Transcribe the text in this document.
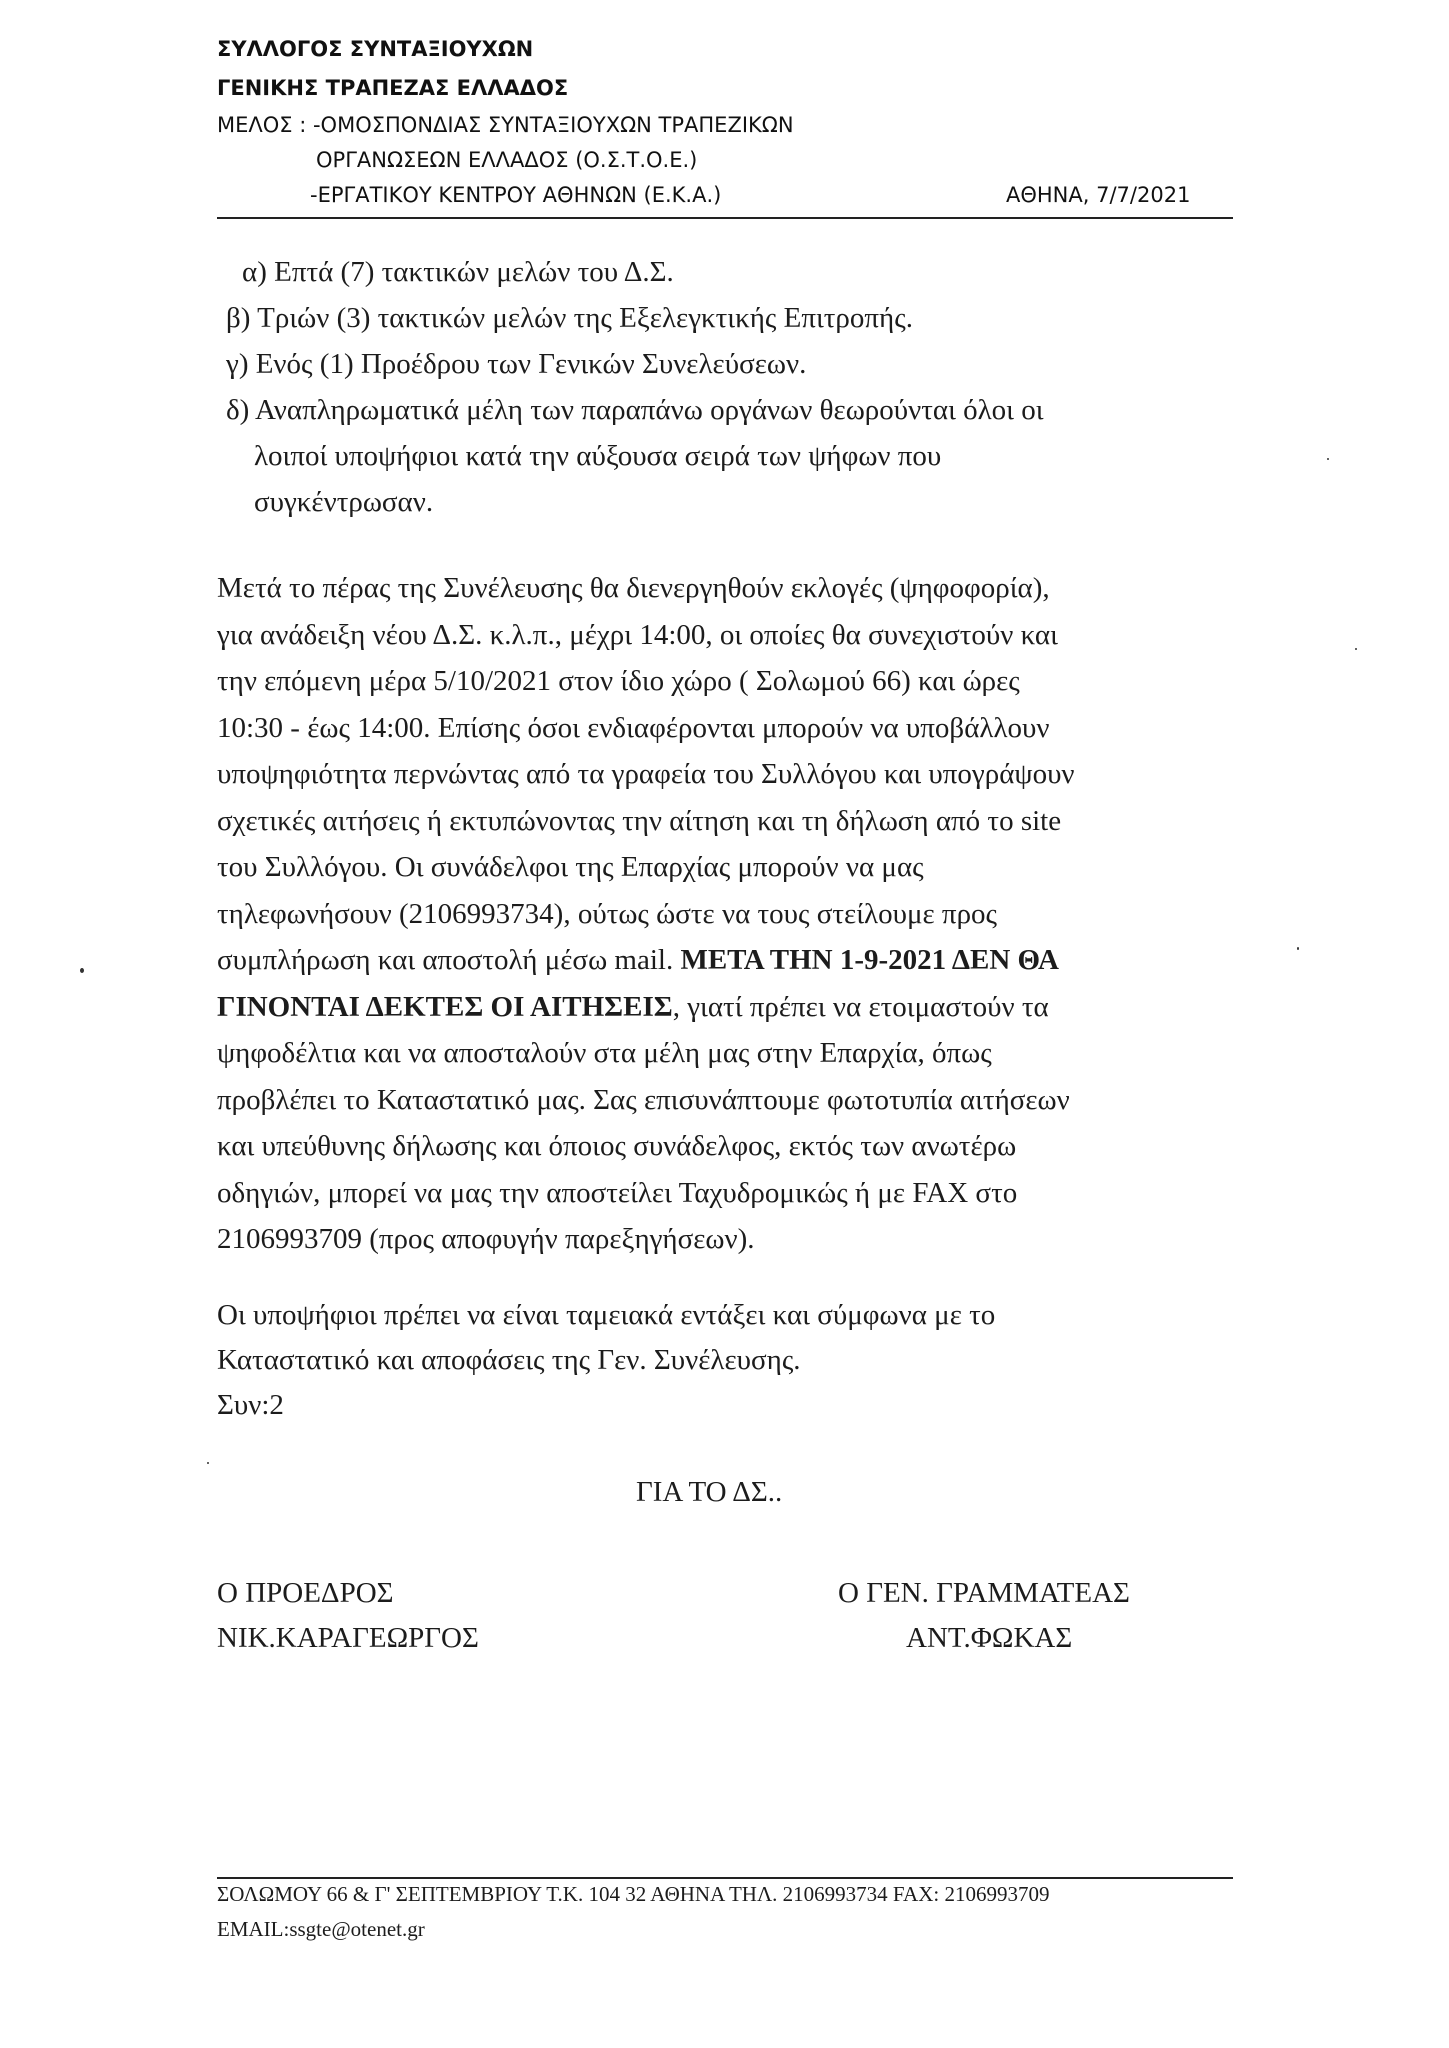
ΣΥΛΛΟΓΟΣ ΣΥΝΤΑΞΙΟΥΧΩΝ
ΓΕΝΙΚΗΣ ΤΡΑΠΕΖΑΣ ΕΛΛΑΔΟΣ
ΜΕΛΟΣ : -ΟΜΟΣΠΟΝΔΙΑΣ ΣΥΝΤΑΞΙΟΥΧΩΝ ΤΡΑΠΕΖΙΚΩΝ
ΟΡΓΑΝΩΣΕΩΝ ΕΛΛΑΔΟΣ (Ο.Σ.Τ.Ο.Ε.)
-ΕΡΓΑΤΙΚΟΥ ΚΕΝΤΡΟΥ ΑΘΗΝΩΝ (Ε.Κ.Α.)	ΑΘΗΝΑ, 7/7/2021
α) Επτά (7) τακτικών μελών του Δ.Σ.
β) Τριών (3) τακτικών μελών της Εξελεγκτικής Επιτροπής.
γ) Ενός (1) Προέδρου των Γενικών Συνελεύσεων.
δ) Αναπληρωματικά μέλη των παραπάνω οργάνων θεωρούνται όλοι οι
λοιποί υποψήφιοι κατά την αύξουσα σειρά των ψήφων που
συγκέντρωσαν.
Μετά το πέρας της Συνέλευσης θα διενεργηθούν εκλογές (ψηφοφορία),
για ανάδειξη νέου Δ.Σ. κ.λ.π., μέχρι 14:00, οι οποίες θα συνεχιστούν και
την επόμενη μέρα 5/10/2021 στον ίδιο χώρο ( Σολωμού 66) και ώρες
10:30 - έως 14:00. Επίσης όσοι ενδιαφέρονται μπορούν να υποβάλλουν
υποψηφιότητα περνώντας από τα γραφεία του Συλλόγου και υπογράψουν
σχετικές αιτήσεις ή εκτυπώνοντας την αίτηση και τη δήλωση από το site
του Συλλόγου. Οι συνάδελφοι της Επαρχίας μπορούν να μας
τηλεφωνήσουν (2106993734), ούτως ώστε να τους στείλουμε προς
συμπλήρωση και αποστολή μέσω mail. ΜΕΤΑ ΤΗΝ 1-9-2021 ΔΕΝ ΘΑ
ΓΙΝΟΝΤΑΙ ΔΕΚΤΕΣ ΟΙ ΑΙΤΗΣΕΙΣ, γιατί πρέπει να ετοιμαστούν τα
ψηφοδέλτια και να αποσταλούν στα μέλη μας στην Επαρχία, όπως
προβλέπει το Καταστατικό μας. Σας επισυνάπτουμε φωτοτυπία αιτήσεων
και υπεύθυνης δήλωσης και όποιος συνάδελφος, εκτός των ανωτέρω
οδηγιών, μπορεί να μας την αποστείλει Ταχυδρομικώς ή με FAX στο
2106993709 (προς αποφυγήν παρεξηγήσεων).
Οι υποψήφιοι πρέπει να είναι ταμειακά εντάξει και σύμφωνα με το
Καταστατικό και αποφάσεις της Γεν. Συνέλευσης.
Συν:2
ΓΙΑ ΤΟ ΔΣ..
Ο ΠΡΟΕΔΡΟΣ
ΝΙΚ.ΚΑΡΑΓΕΩΡΓΟΣ
Ο ΓΕΝ. ΓΡΑΜΜΑΤΕΑΣ
ΑΝΤ.ΦΩΚΑΣ
ΣΟΛΩΜΟΥ 66 & Γ' ΣΕΠΤΕΜΒΡΙΟΥ Τ.Κ. 104 32 ΑΘΗΝΑ ΤΗΛ. 2106993734 FAX: 2106993709
EMAIL:ssgte@otenet.gr
